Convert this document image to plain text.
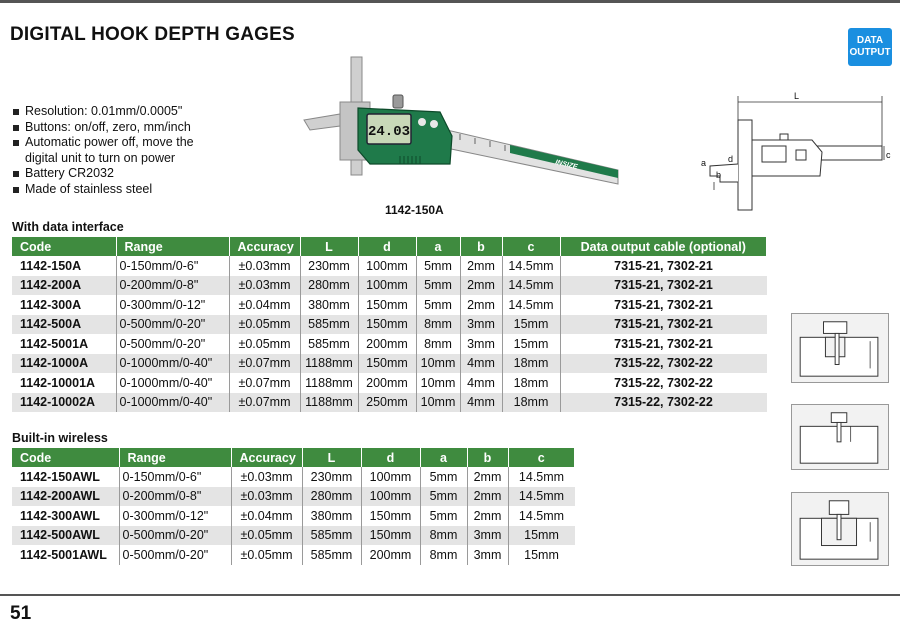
DIGITAL HOOK DEPTH GAGES	DATA
OUTPUT
Resolution: 0.01mm/0.0005"
Buttons: on/off, zero, mm/inch
Automatic power off, move the digital unit to turn on power
Battery CR2032
Made of stainless steel
24.03
INSIZE
1142-150A
L
a
b
d	c
With data interface
Code	Range	Accuracy	L	d	a	b	c	Data output cable (optional)
1142-150A	0-150mm/0-6"	±0.03mm	230mm	100mm	5mm	2mm	14.5mm	7315-21, 7302-21
1142-200A	0-200mm/0-8"	±0.03mm	280mm	100mm	5mm	2mm	14.5mm	7315-21, 7302-21
1142-300A	0-300mm/0-12"	±0.04mm	380mm	150mm	5mm	2mm	14.5mm	7315-21, 7302-21
1142-500A	0-500mm/0-20"	±0.05mm	585mm	150mm	8mm	3mm	15mm	7315-21, 7302-21
1142-5001A	0-500mm/0-20"	±0.05mm	585mm	200mm	8mm	3mm	15mm	7315-21, 7302-21
1142-1000A	0-1000mm/0-40"	±0.07mm	1188mm	150mm	10mm	4mm	18mm	7315-22, 7302-22
1142-10001A	0-1000mm/0-40"	±0.07mm	1188mm	200mm	10mm	4mm	18mm	7315-22, 7302-22
1142-10002A	0-1000mm/0-40"	±0.07mm	1188mm	250mm	10mm	4mm	18mm	7315-22, 7302-22
Built-in wireless
Code	Range	Accuracy	L	d	a	b	c
1142-150AWL	0-150mm/0-6"	±0.03mm	230mm	100mm	5mm	2mm	14.5mm
1142-200AWL	0-200mm/0-8"	±0.03mm	280mm	100mm	5mm	2mm	14.5mm
1142-300AWL	0-300mm/0-12"	±0.04mm	380mm	150mm	5mm	2mm	14.5mm
1142-500AWL	0-500mm/0-20"	±0.05mm	585mm	150mm	8mm	3mm	15mm
1142-5001AWL	0-500mm/0-20"	±0.05mm	585mm	200mm	8mm	3mm	15mm
51
